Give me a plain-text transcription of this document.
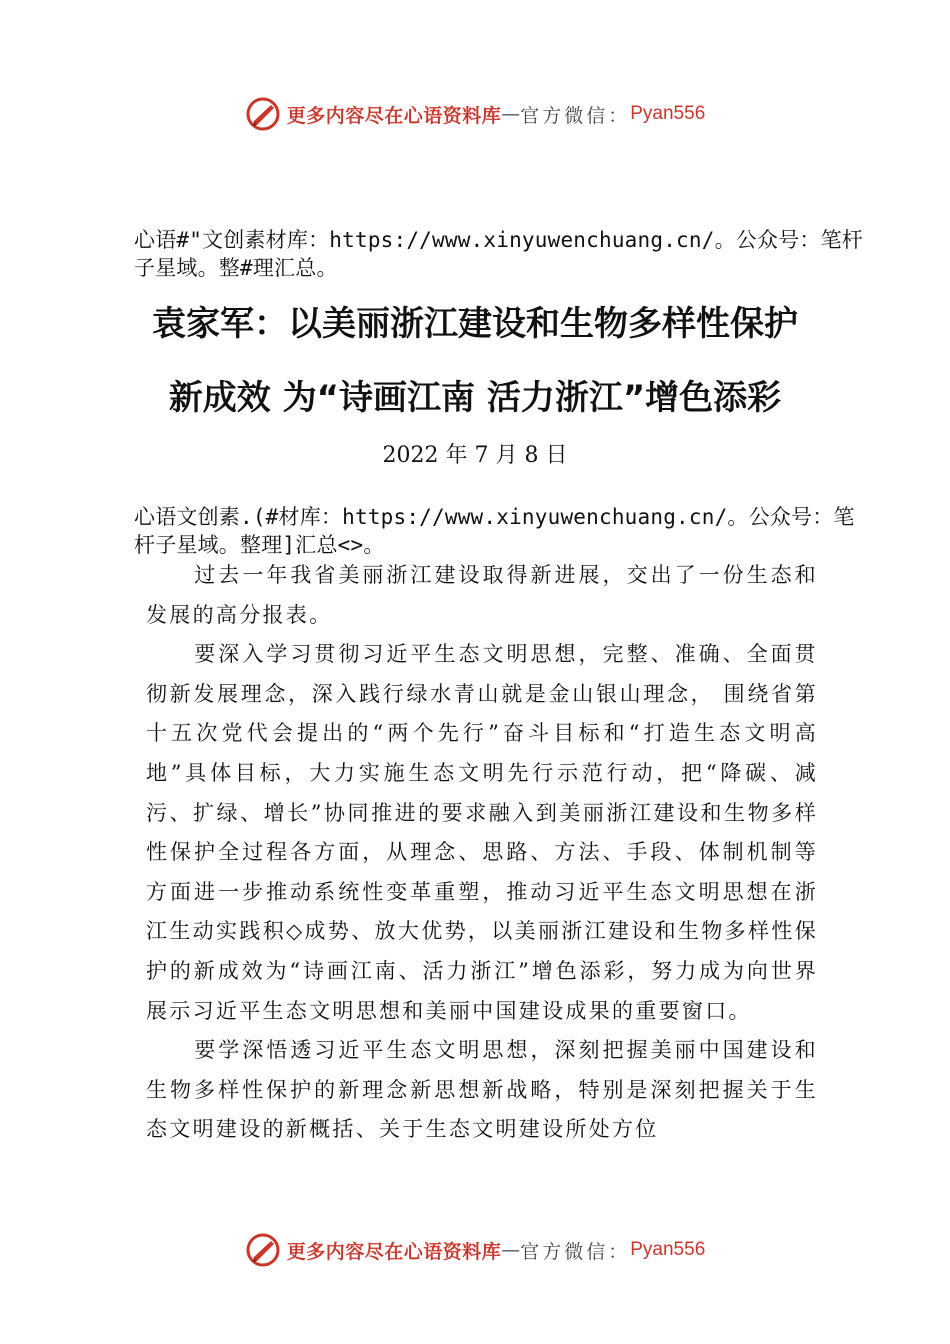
更多内容尽在心语资料库 — 官方微信： Pyan556
心语#"文创素材库：https://www.xinyuwenchuang.cn/。公众号：笔杆子星域。整#理汇总。
袁家军：以美丽浙江建设和生物多样性保护
新成效 为“诗画江南 活力浙江”增色添彩
2022 年 7 月 8 日
心语文创素.(#材库：https://www.xinyuwenchuang.cn/。公众号：笔杆子星域。整理]汇总<>。

过去一年我省美丽浙江建设取得新进展，交出了一份生态和发展的高分报表。

要深入学习贯彻习近平生态文明思想，完整、准确、全面贯彻新发展理念，深入践行绿水青山就是金山银山理念， 围绕省第十五次党代会提出的“两个先行”奋斗目标和“打造生态文明高地”具体目标，大力实施生态文明先行示范行动，把“降碳、减污、扩绿、增长”协同推进的要求融入到美丽浙江建设和生物多样性保护全过程各方面，从理念、思路、方法、手段、体制机制等方面进一步推动系统性变革重塑，推动习近平生态文明思想在浙江生动实践积◇成势、放大优势，以美丽浙江建设和生物多样性保护的新成效为“诗画江南、活力浙江”增色添彩，努力成为向世界展示习近平生态文明思想和美丽中国建设成果的重要窗口。

要学深悟透习近平生态文明思想，深刻把握美丽中国建设和生物多样性保护的新理念新思想新战略，特别是深刻把握关于生态文明建设的新概括、关于生态文明建设所处方位

更多内容尽在心语资料库 — 官方微信： Pyan556
